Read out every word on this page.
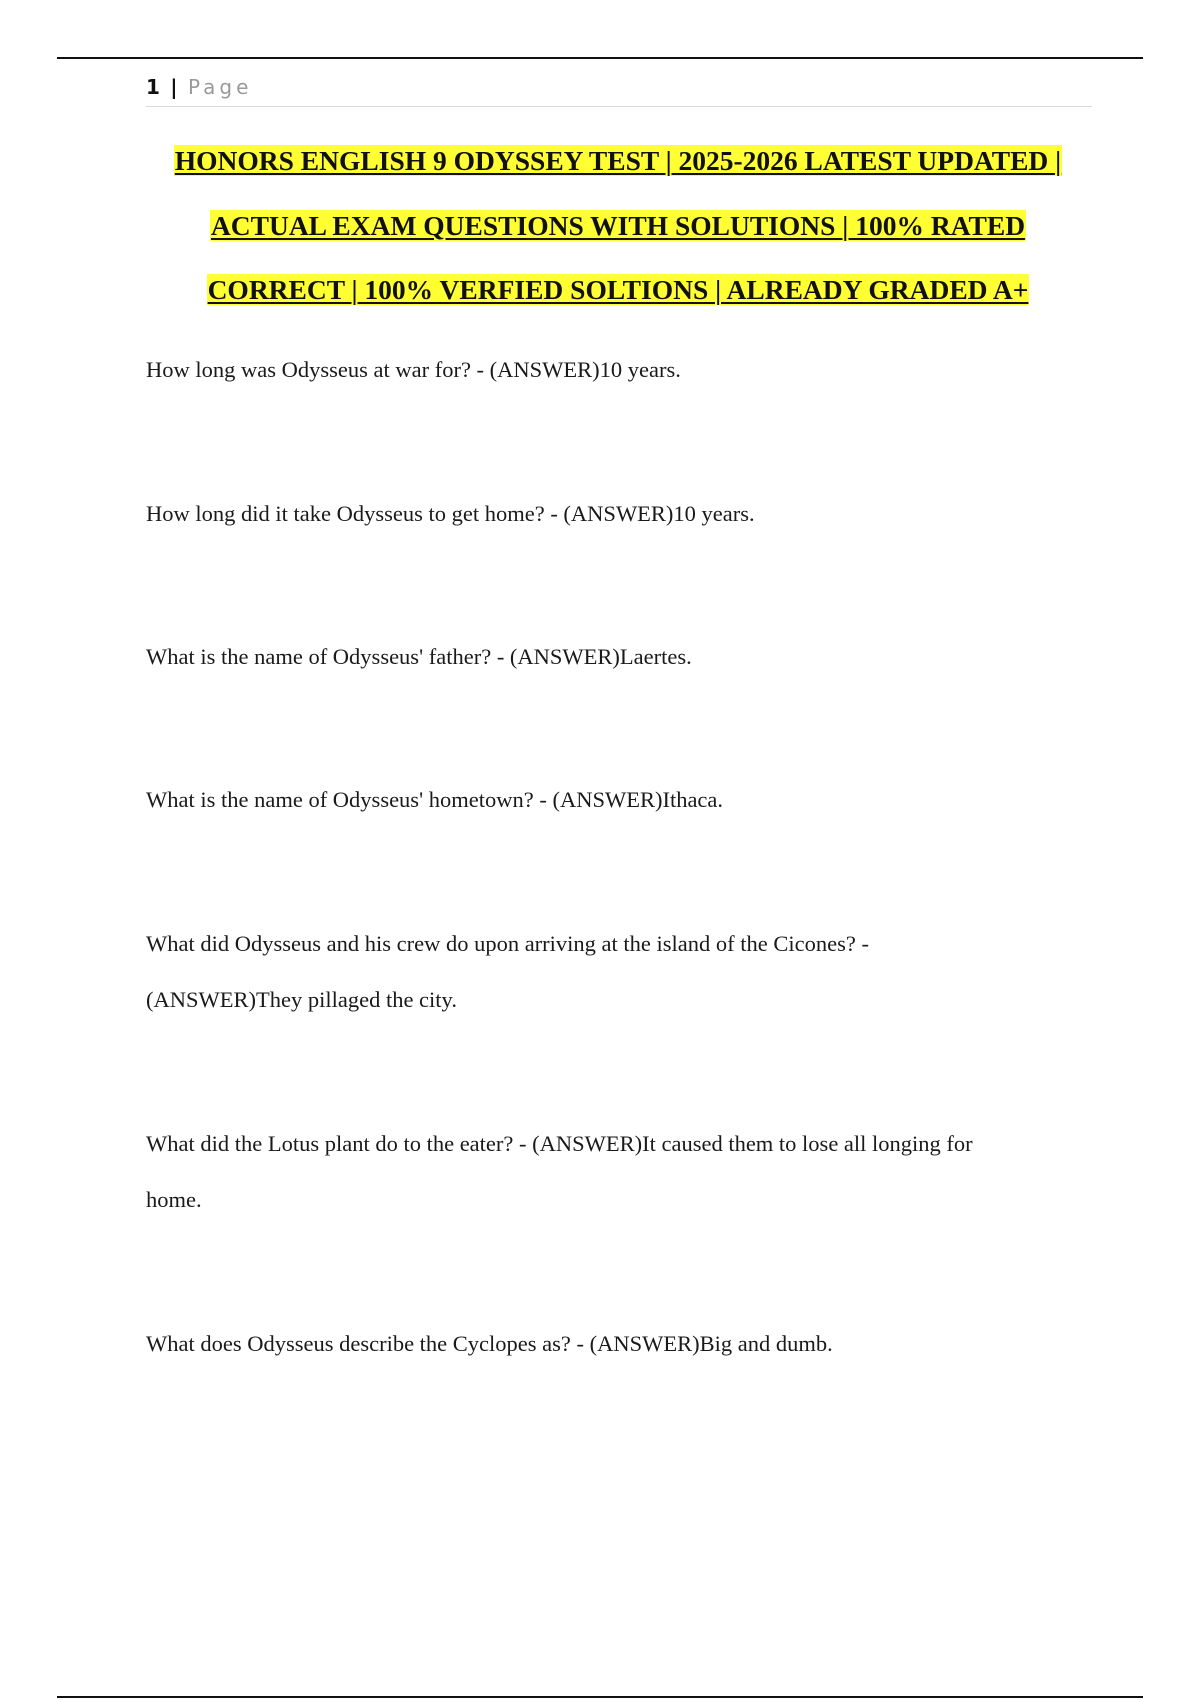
1 | Page
HONORS ENGLISH 9 ODYSSEY TEST | 2025-2026 LATEST UPDATED |
ACTUAL EXAM QUESTIONS WITH SOLUTIONS | 100% RATED
CORRECT | 100% VERFIED SOLTIONS | ALREADY GRADED A+

How long was Odysseus at war for? - (ANSWER)10 years.

How long did it take Odysseus to get home? - (ANSWER)10 years.

What is the name of Odysseus' father? - (ANSWER)Laertes.

What is the name of Odysseus' hometown? - (ANSWER)Ithaca.

What did Odysseus and his crew do upon arriving at the island of the Cicones? -

(ANSWER)They pillaged the city.

What did the Lotus plant do to the eater? - (ANSWER)It caused them to lose all longing for

home.

What does Odysseus describe the Cyclopes as? - (ANSWER)Big and dumb.
